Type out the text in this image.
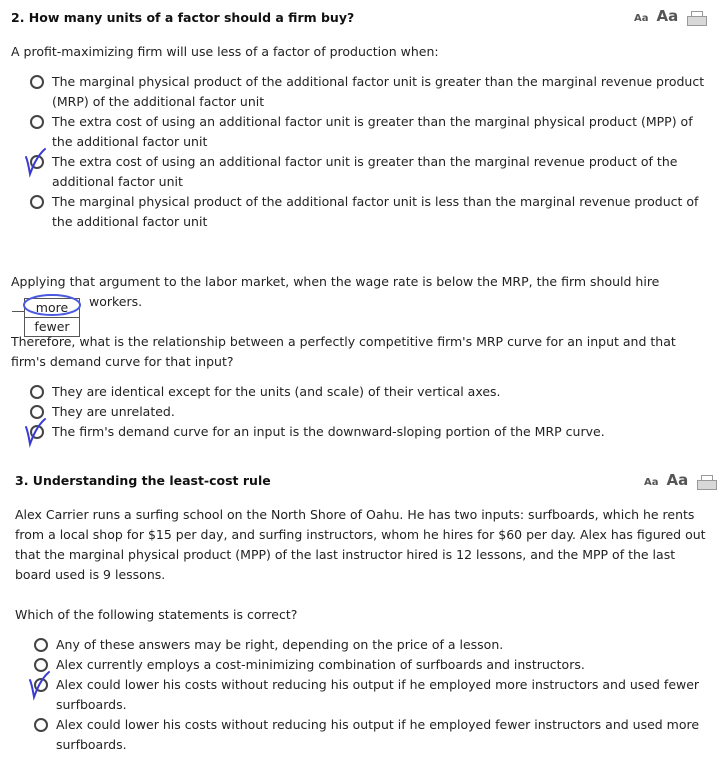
2. How many units of a factor should a firm buy?	Aa Aa
A profit-maximizing firm will use less of a factor of production when:
The marginal physical product of the additional factor unit is greater than the marginal revenue product (MRP) of the additional factor unit
The extra cost of using an additional factor unit is greater than the marginal physical product (MPP) of the additional factor unit
The extra cost of using an additional factor unit is greater than the marginal revenue product of the additional factor unit
The marginal physical product of the additional factor unit is less than the marginal revenue product of the additional factor unit
Applying that argument to the labor market, when the wage rate is below the MRP, the firm should hire
more
fewer
workers.
Therefore, what is the relationship between a perfectly competitive firm's MRP curve for an input and that firm's demand curve for that input?
They are identical except for the units (and scale) of their vertical axes.
They are unrelated.
The firm's demand curve for an input is the downward-sloping portion of the MRP curve.
3. Understanding the least-cost rule	Aa Aa
Alex Carrier runs a surfing school on the North Shore of Oahu. He has two inputs: surfboards, which he rents from a local shop for $15 per day, and surfing instructors, whom he hires for $60 per day. Alex has figured out that the marginal physical product (MPP) of the last instructor hired is 12 lessons, and the MPP of the last board used is 9 lessons.
Which of the following statements is correct?
Any of these answers may be right, depending on the price of a lesson.
Alex currently employs a cost-minimizing combination of surfboards and instructors.
Alex could lower his costs without reducing his output if he employed more instructors and used fewer surfboards.
Alex could lower his costs without reducing his output if he employed fewer instructors and used more surfboards.
